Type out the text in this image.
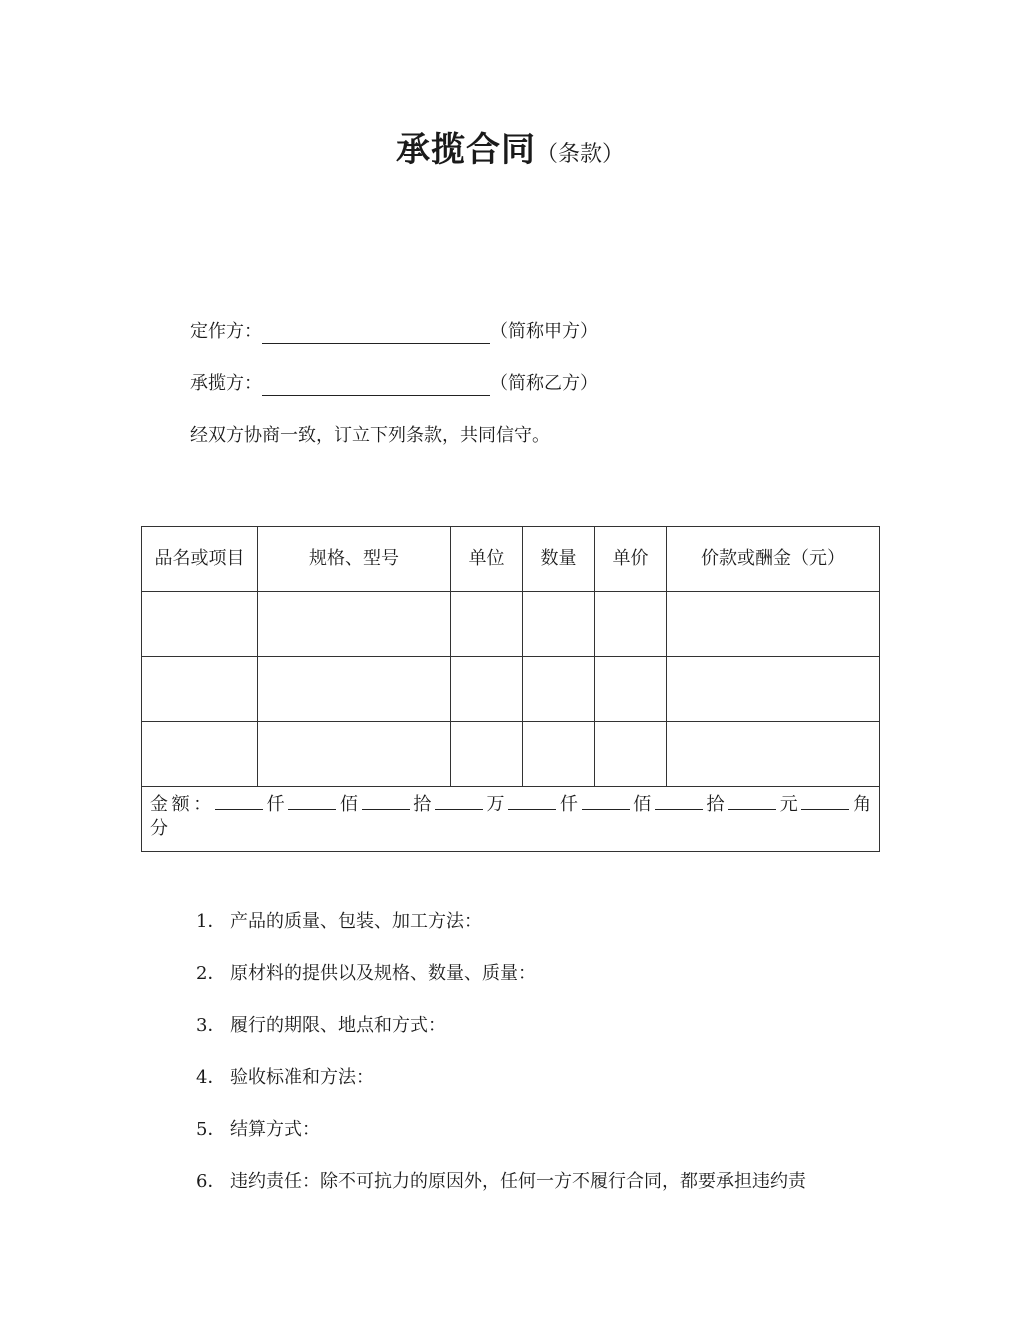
承揽合同（条款）
定作方：	（简称甲方）
承揽方：	（简称乙方）
经双方协商一致，订立下列条款，共同信守。
品名或项目	规格、型号	单位	数量	单价	价款或酬金（元）

金额： 仟 佰 拾 万 仟 佰 拾 元 角
分					
1． 产品的质量、包装、加工方法：
2． 原材料的提供以及规格、数量、质量：
3． 履行的期限、地点和方式：
4． 验收标准和方法：
5． 结算方式：
6． 违约责任：除不可抗力的原因外，任何一方不履行合同，都要承担违约责
